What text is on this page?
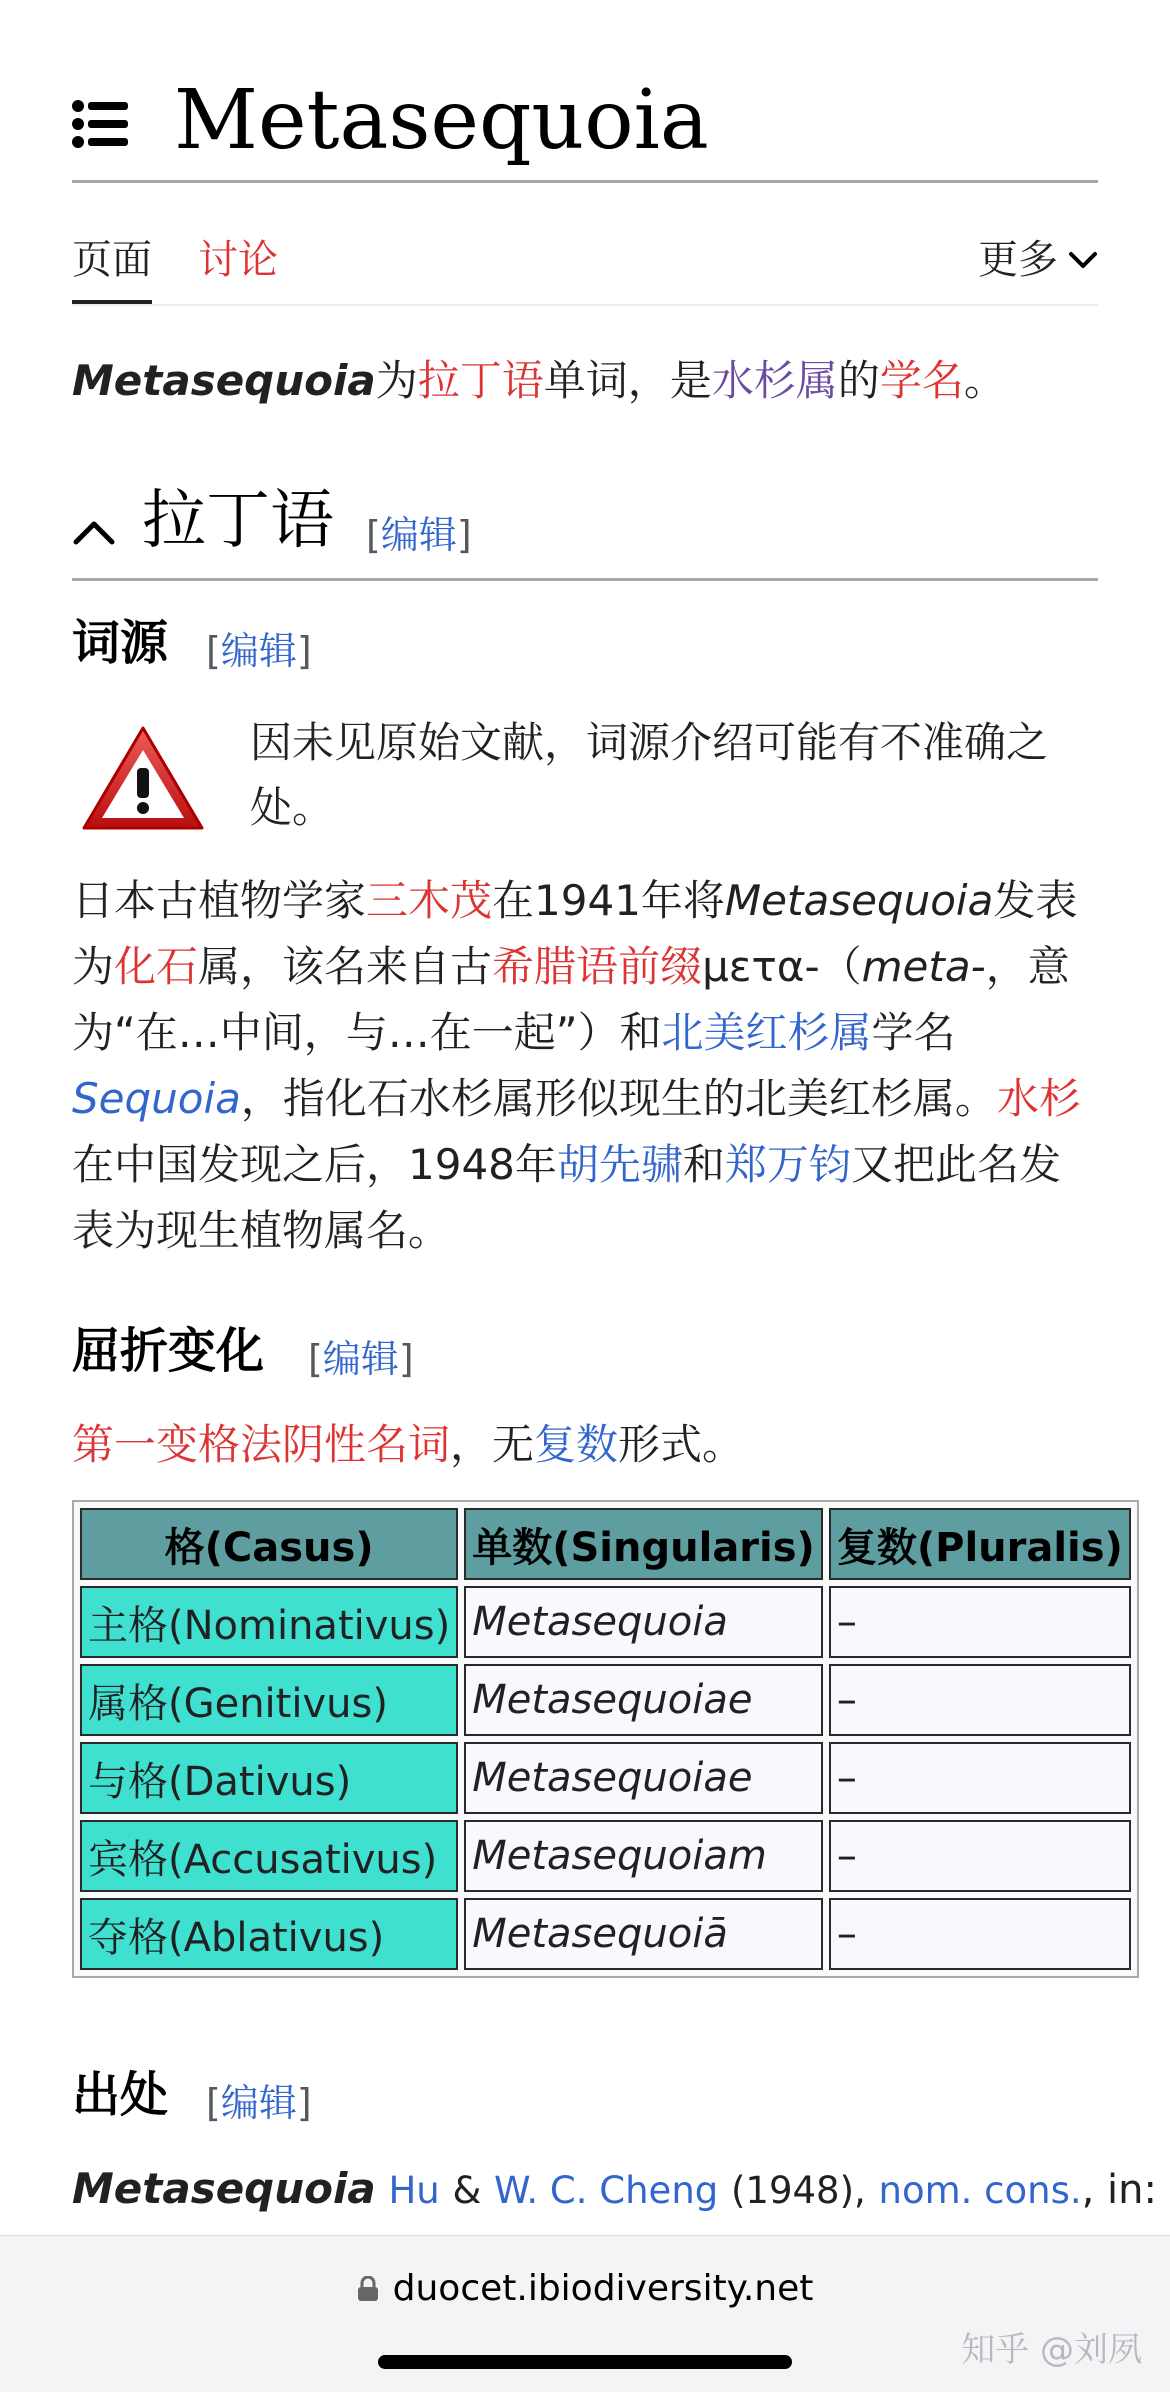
Metasequoia
页面 讨论	更多
Metasequoia为拉丁语单词，是水杉属的学名。
拉丁语 [编辑]
词源 [编辑]
因未见原始文献，词源介绍可能有不准确之处。

日本古植物学家三木茂在1941年将Metasequoia发表为化石属，该名来自古希腊语前缀μετα-（meta-，意为“在…中间，与…在一起”）和北美红杉属学名Sequoia，指化石水杉属形似现生的北美红杉属。水杉在中国发现之后，1948年胡先骕和郑万钧又把此名发表为现生植物属名。

屈折变化 [编辑]

第一变格法阴性名词，无复数形式。

格(Casus)	单数(Singularis)	复数(Pluralis)
主格(Nominativus)	Metasequoia	–
属格(Genitivus)	Metasequoiae	–
与格(Dativus)	Metasequoiae	–
宾格(Accusativus)	Metasequoiam	–
夺格(Ablativus)	Metasequoiā	–
出处 [编辑]
Metasequoia Hu & W. C. Cheng (1948), nom. cons., in:
duocet.ibiodiversity.net
知乎 @刘夙
